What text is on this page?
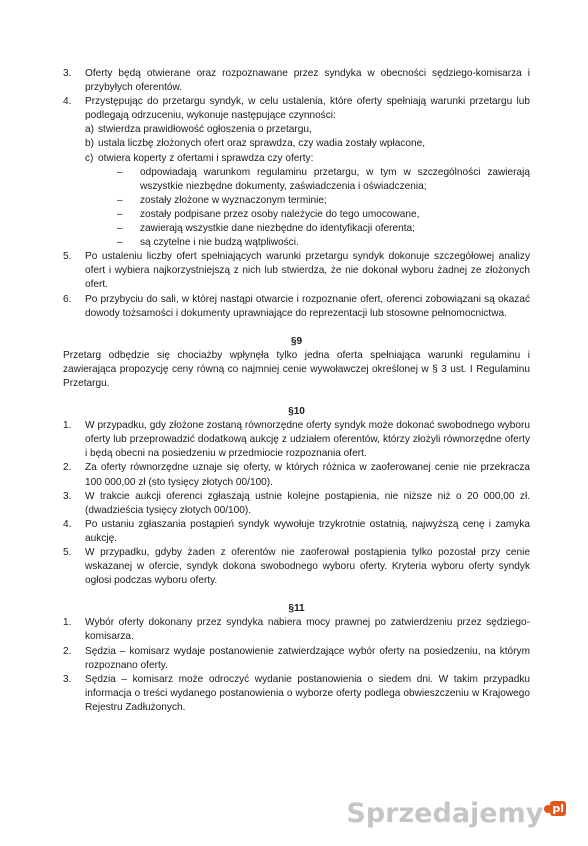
3. Oferty będą otwierane oraz rozpoznawane przez syndyka w obecności sędziego-komisarza i przybyłych oferentów.
4. Przystępując do przetargu syndyk, w celu ustalenia, które oferty spełniają warunki przetargu lub podlegają odrzuceniu, wykonuje następujące czynności:
a) stwierdza prawidłowość ogłoszenia o przetargu,
b) ustala liczbę złożonych ofert oraz sprawdza, czy wadia zostały wpłacone,
c) otwiera koperty z ofertami i sprawdza czy oferty:
– odpowiadają warunkom regulaminu przetargu, w tym w szczególności zawierają wszystkie niezbędne dokumenty, zaświadczenia i oświadczenia;
– zostały złożone w wyznaczonym terminie;
– zostały podpisane przez osoby należycie do tego umocowane,
– zawierają wszystkie dane niezbędne do identyfikacji oferenta;
– są czytelne i nie budzą wątpliwości.
5. Po ustaleniu liczby ofert spełniających warunki przetargu syndyk dokonuje szczegółowej analizy ofert i wybiera najkorzystniejszą z nich lub stwierdza, że nie dokonał wyboru żadnej ze złożonych ofert.
6. Po przybyciu do sali, w której nastąpi otwarcie i rozpoznanie ofert, oferenci zobowiązani są okazać dowody tożsamości i dokumenty uprawniające do reprezentacji lub stosowne pełnomocnictwa.

§9

Przetarg odbędzie się chociażby wpłynęła tylko jedna oferta spełniająca warunki regulaminu i zawierająca propozycję ceny równą co najmniej cenie wywoławczej określonej w § 3 ust. I Regulaminu Przetargu.

§10

1. W przypadku, gdy złożone zostaną równorzędne oferty syndyk może dokonać swobodnego wyboru oferty lub przeprowadzić dodatkową aukcję z udziałem oferentów, którzy złożyli równorzędne oferty i będą obecni na posiedzeniu w przedmiocie rozpoznania ofert.
2. Za oferty równorzędne uznaje się oferty, w których różnica w zaoferowanej cenie nie przekracza 100 000,00 zł (sto tysięcy złotych 00/100).
3. W trakcie aukcji oferenci zgłaszają ustnie kolejne postąpienia, nie niższe niż o 20 000,00 zł. (dwadzieścia tysięcy złotych 00/100).
4. Po ustaniu zgłaszania postąpień syndyk wywołuje trzykrotnie ostatnią, najwyższą cenę i zamyka aukcję.
5. W przypadku, gdyby żaden z oferentów nie zaoferował postąpienia tylko pozostał przy cenie wskazanej w ofercie, syndyk dokona swobodnego wyboru oferty. Kryteria wyboru oferty syndyk ogłosi podczas wyboru oferty.

§11

1. Wybór oferty dokonany przez syndyka nabiera mocy prawnej po zatwierdzeniu przez sędziego-komisarza.
2. Sędzia – komisarz wydaje postanowienie zatwierdzające wybór oferty na posiedzeniu, na którym rozpoznano oferty.
3. Sędzia – komisarz może odroczyć wydanie postanowienia o siedem dni. W takim przypadku informacja o treści wydanego postanowienia o wyborze oferty podlega obwieszczeniu w Krajowego Rejestru Zadłużonych.
Sprzedajemy pl
